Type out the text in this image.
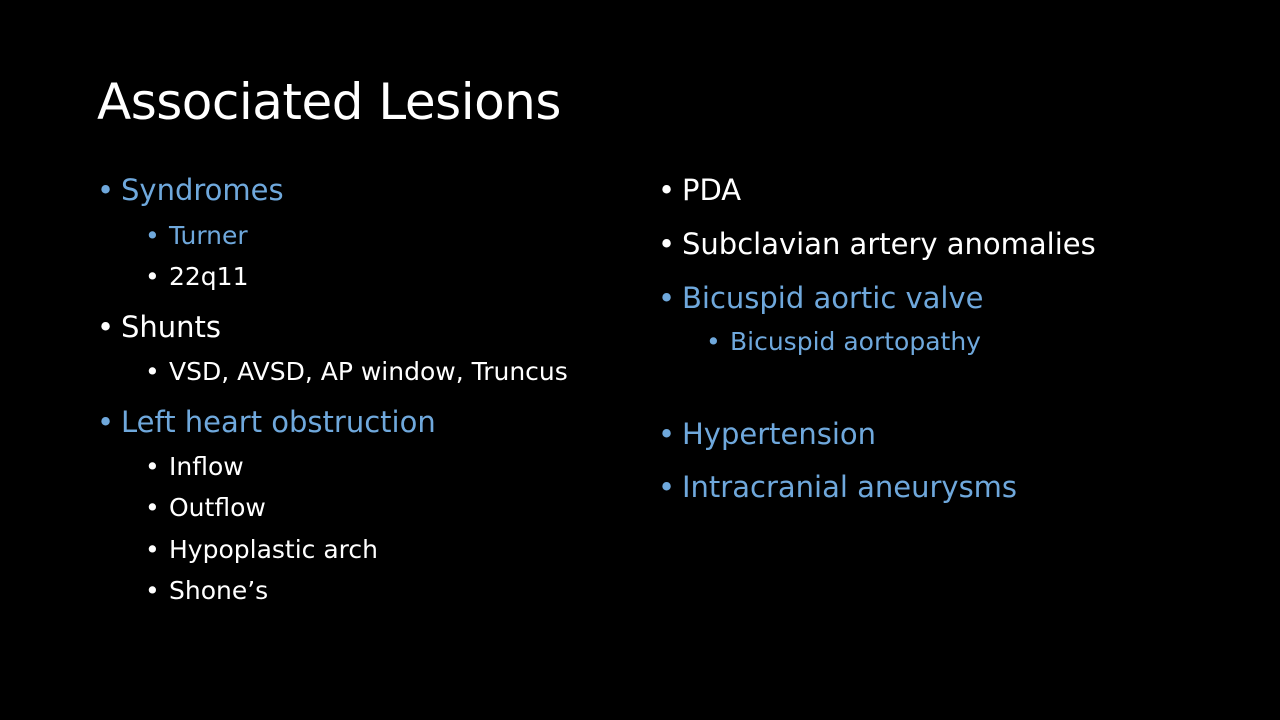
Associated Lesions
• Syndromes
• Turner
• 22q11
• Shunts
• VSD, AVSD, AP window, Truncus
• Left heart obstruction
• Inflow
• Outflow
• Hypoplastic arch
• Shone’s
• PDA
• Subclavian artery anomalies
• Bicuspid aortic valve
• Bicuspid aortopathy
• Hypertension
• Intracranial aneurysms
